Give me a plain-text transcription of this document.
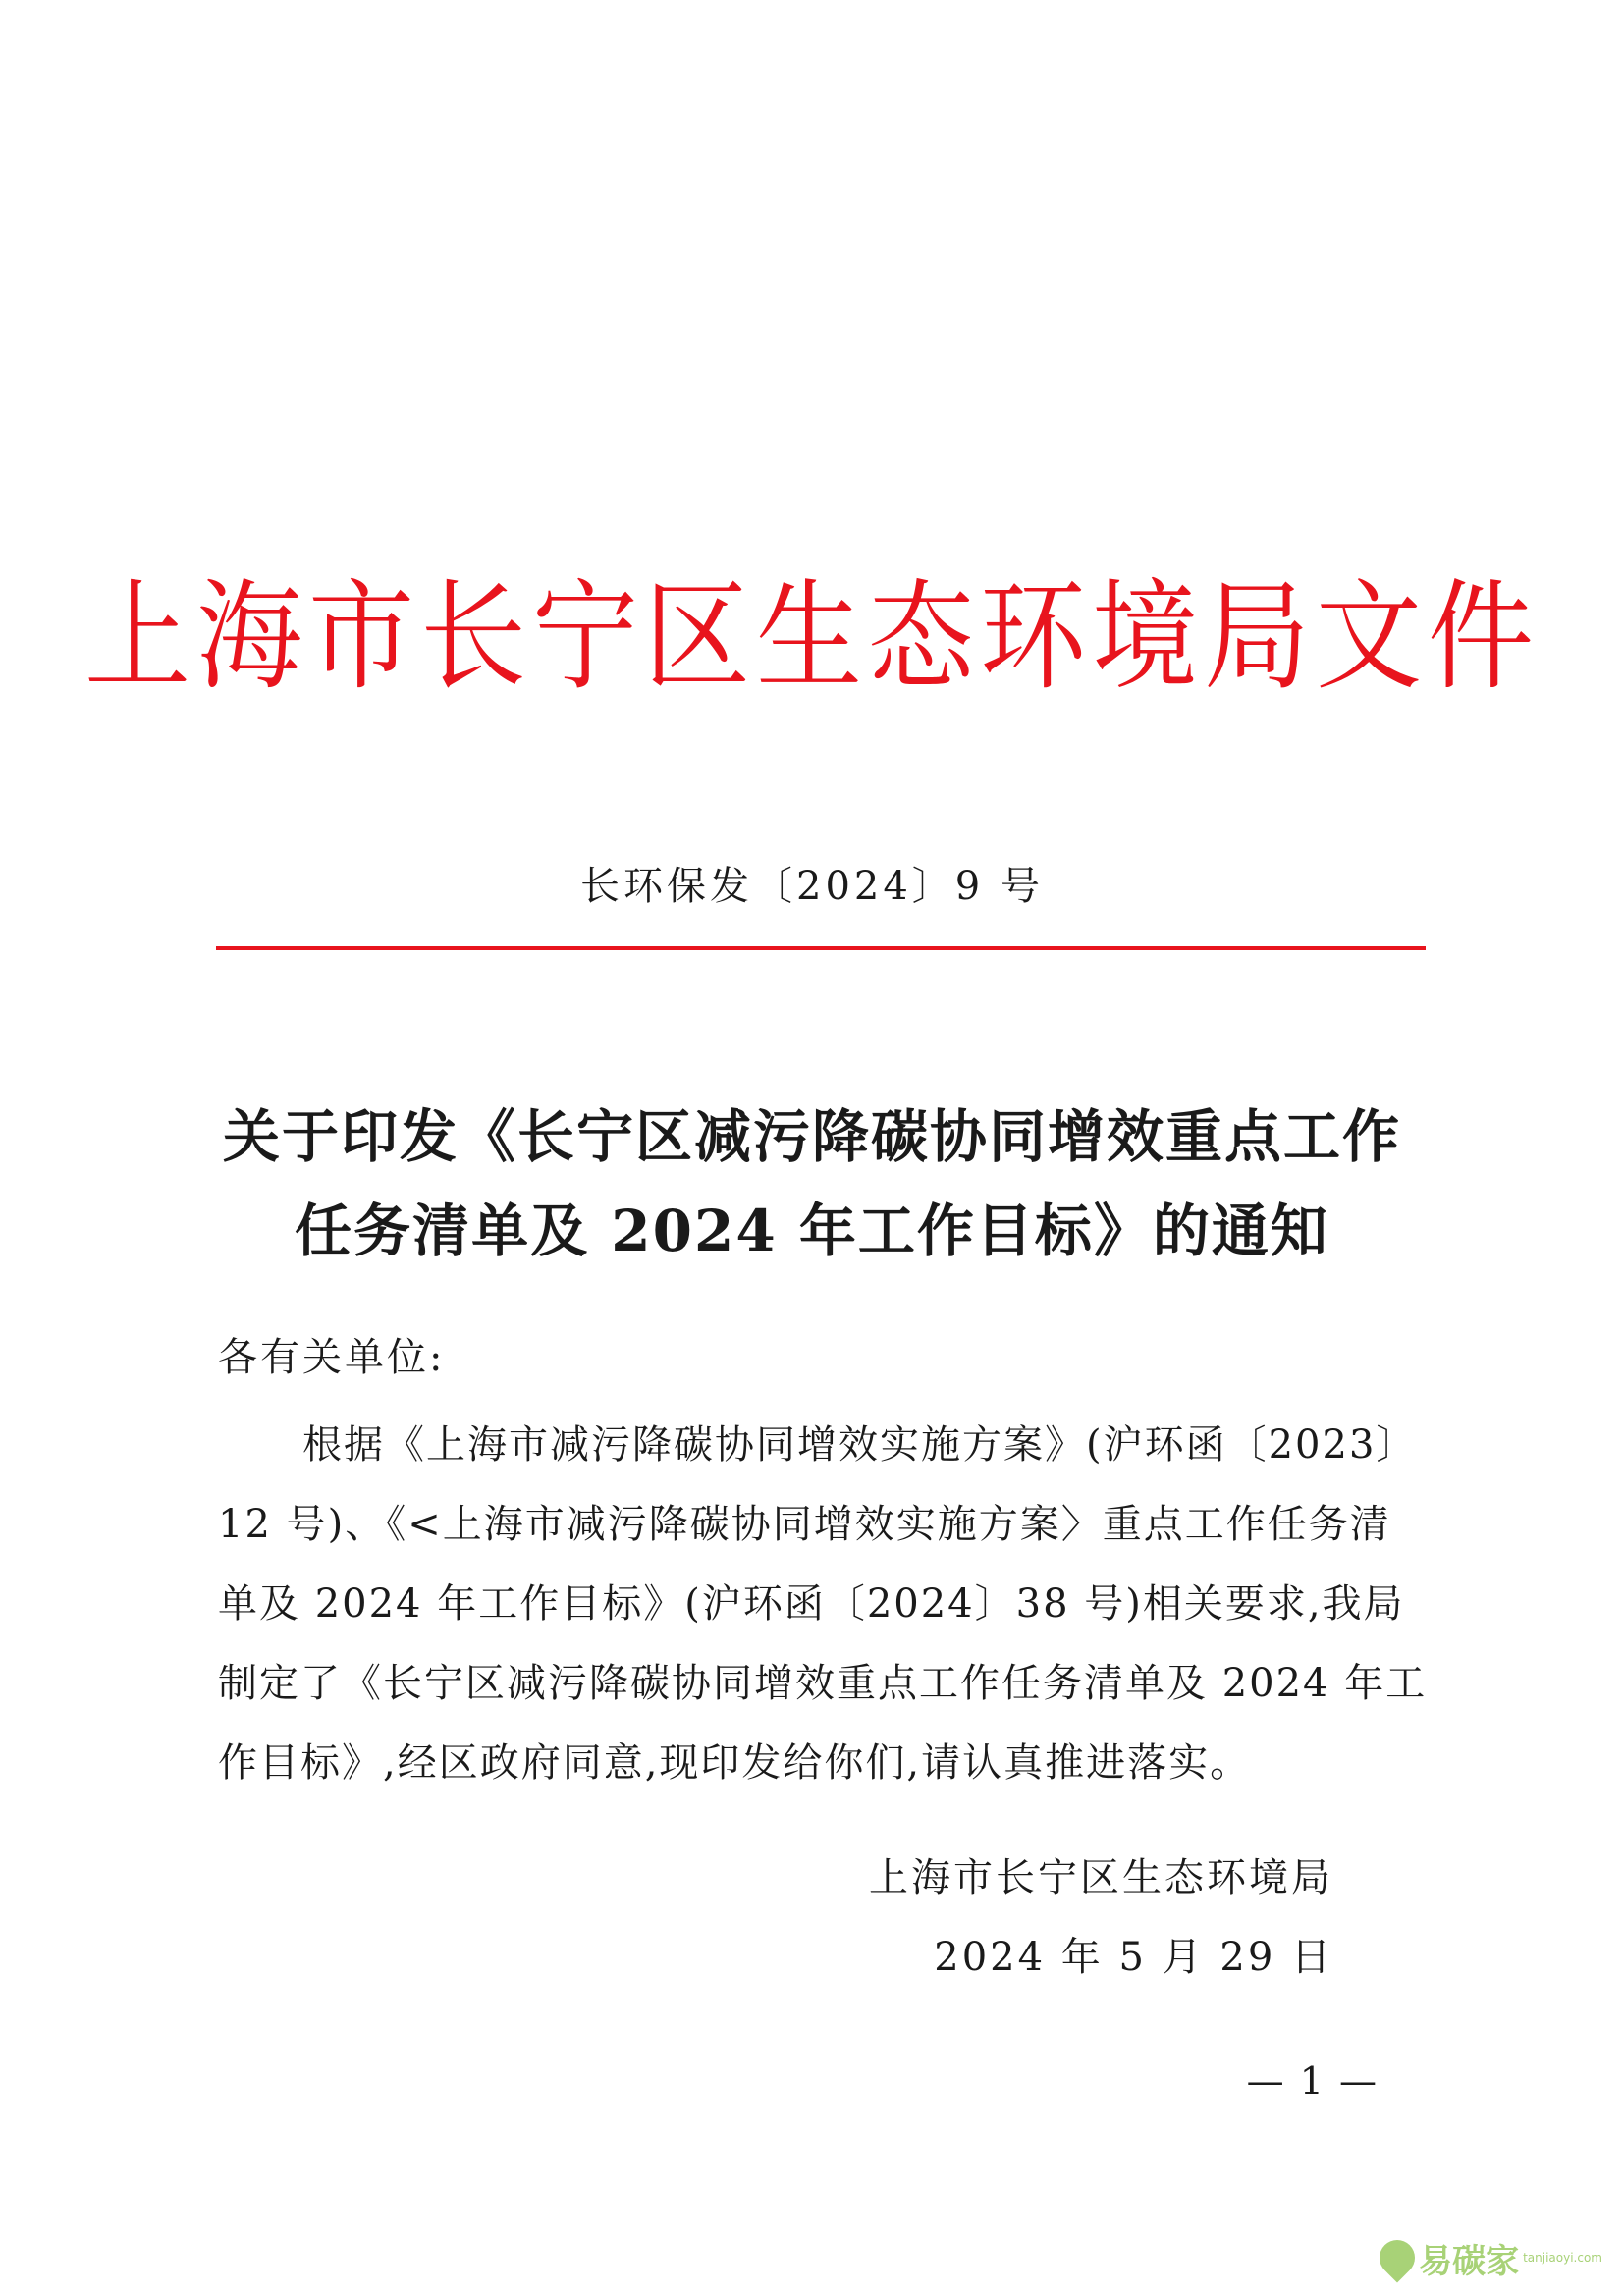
上海市长宁区生态环境局文件
长环保发〔2024〕9 号
关于印发《长宁区减污降碳协同增效重点工作
任务清单及 2024 年工作目标》的通知
各有关单位:
根据《上海市减污降碳协同增效实施方案》(沪环函〔2023〕
12 号)、《<上海市减污降碳协同增效实施方案〉重点工作任务清
单及 2024 年工作目标》(沪环函〔2024〕38 号)相关要求,我局
制定了《长宁区减污降碳协同增效重点工作任务清单及 2024 年工
作目标》,经区政府同意,现印发给你们,请认真推进落实。
上海市长宁区生态环境局
2024 年 5 月 29 日
— 1 —
易碳家 tanjiaoyi.com
